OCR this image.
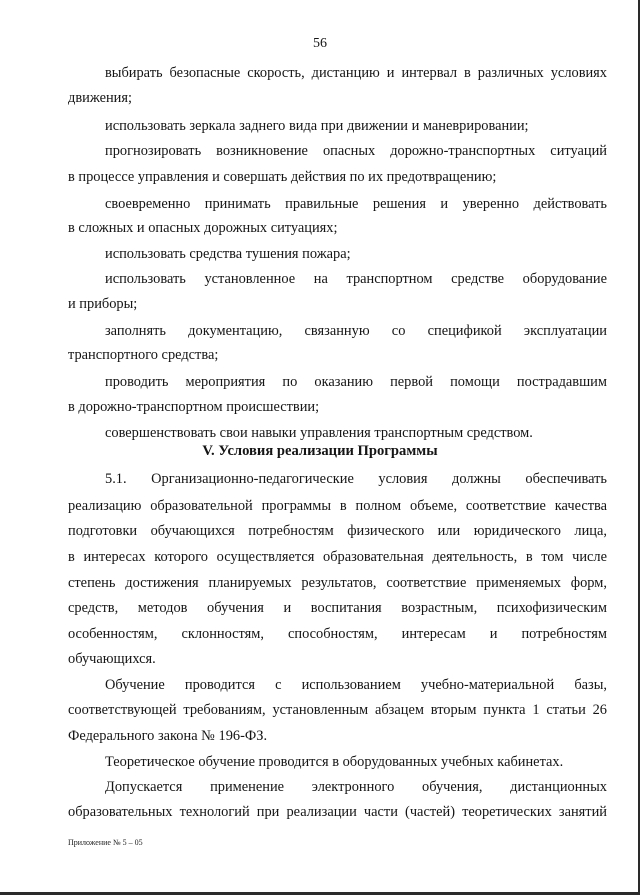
56
выбирать безопасные скорость, дистанцию и интервал в различных условиях
движения;
использовать зеркала заднего вида при движении и маневрировании;
прогнозировать возникновение опасных дорожно-транспортных ситуаций
в процессе управления и совершать действия по их предотвращению;
своевременно принимать правильные решения и уверенно действовать
в сложных и опасных дорожных ситуациях;
использовать средства тушения пожара;
использовать установленное на транспортном средстве оборудование
и приборы;
заполнять документацию, связанную со спецификой эксплуатации
транспортного средства;
проводить мероприятия по оказанию первой помощи пострадавшим
в дорожно-транспортном происшествии;
совершенствовать свои навыки управления транспортным средством.
V. Условия реализации Программы
5.1. Организационно-педагогические условия должны обеспечивать
реализацию образовательной программы в полном объеме, соответствие качества
подготовки обучающихся потребностям физического или юридического лица,
в интересах которого осуществляется образовательная деятельность, в том числе
степень достижения планируемых результатов, соответствие применяемых форм,
средств, методов обучения и воспитания возрастным, психофизическим
особенностям, склонностям, способностям, интересам и потребностям
обучающихся.
Обучение проводится с использованием учебно-материальной базы,
соответствующей требованиям, установленным абзацем вторым пункта 1 статьи 26
Федерального закона № 196-ФЗ.
Теоретическое обучение проводится в оборудованных учебных кабинетах.
Допускается применение электронного обучения, дистанционных
образовательных технологий при реализации части (частей) теоретических занятий
Приложение № 5 – 05
